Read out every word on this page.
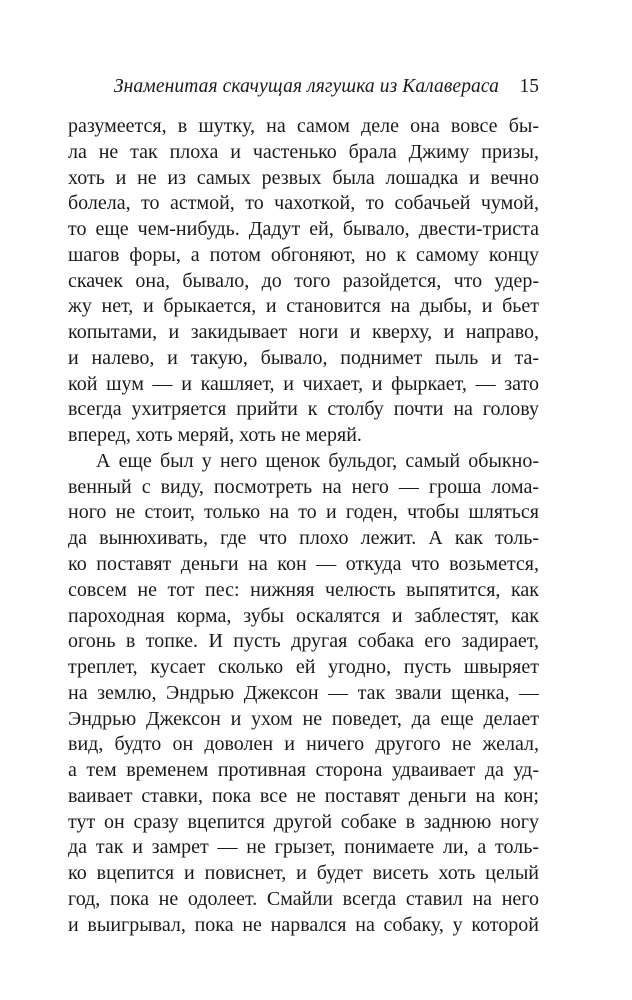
Знаменитая скачущая лягушка из Калавераса 15
разумеется, в шутку, на самом деле она вовсе бы-
ла не так плоха и частенько брала Джиму призы,
хоть и не из самых резвых была лошадка и вечно
болела, то астмой, то чахоткой, то собачьей чумой,
то еще чем-нибудь. Дадут ей, бывало, двести-триста
шагов форы, а потом обгоняют, но к самому концу
скачек она, бывало, до того разойдется, что удер-
жу нет, и брыкается, и становится на дыбы, и бьет
копытами, и закидывает ноги и кверху, и направо,
и налево, и такую, бывало, поднимет пыль и та-
кой шум — и кашляет, и чихает, и фыркает, — зато
всегда ухитряется прийти к столбу почти на голову
вперед, хоть меряй, хоть не меряй.
А еще был у него щенок бульдог, самый обыкно-
венный с виду, посмотреть на него — гроша лома-
ного не стоит, только на то и годен, чтобы шляться
да вынюхивать, где что плохо лежит. А как толь-
ко поставят деньги на кон — откуда что возьмется,
совсем не тот пес: нижняя челюсть выпятится, как
пароходная корма, зубы оскалятся и заблестят, как
огонь в топке. И пусть другая собака его задирает,
треплет, кусает сколько ей угодно, пусть швыряет
на землю, Эндрью Джексон — так звали щенка, —
Эндрью Джексон и ухом не поведет, да еще делает
вид, будто он доволен и ничего другого не желал,
а тем временем противная сторона удваивает да уд-
ваивает ставки, пока все не поставят деньги на кон;
тут он сразу вцепится другой собаке в заднюю ногу
да так и замрет — не грызет, понимаете ли, а толь-
ко вцепится и повиснет, и будет висеть хоть целый
год, пока не одолеет. Смайли всегда ставил на него
и выигрывал, пока не нарвался на собаку, у которой
